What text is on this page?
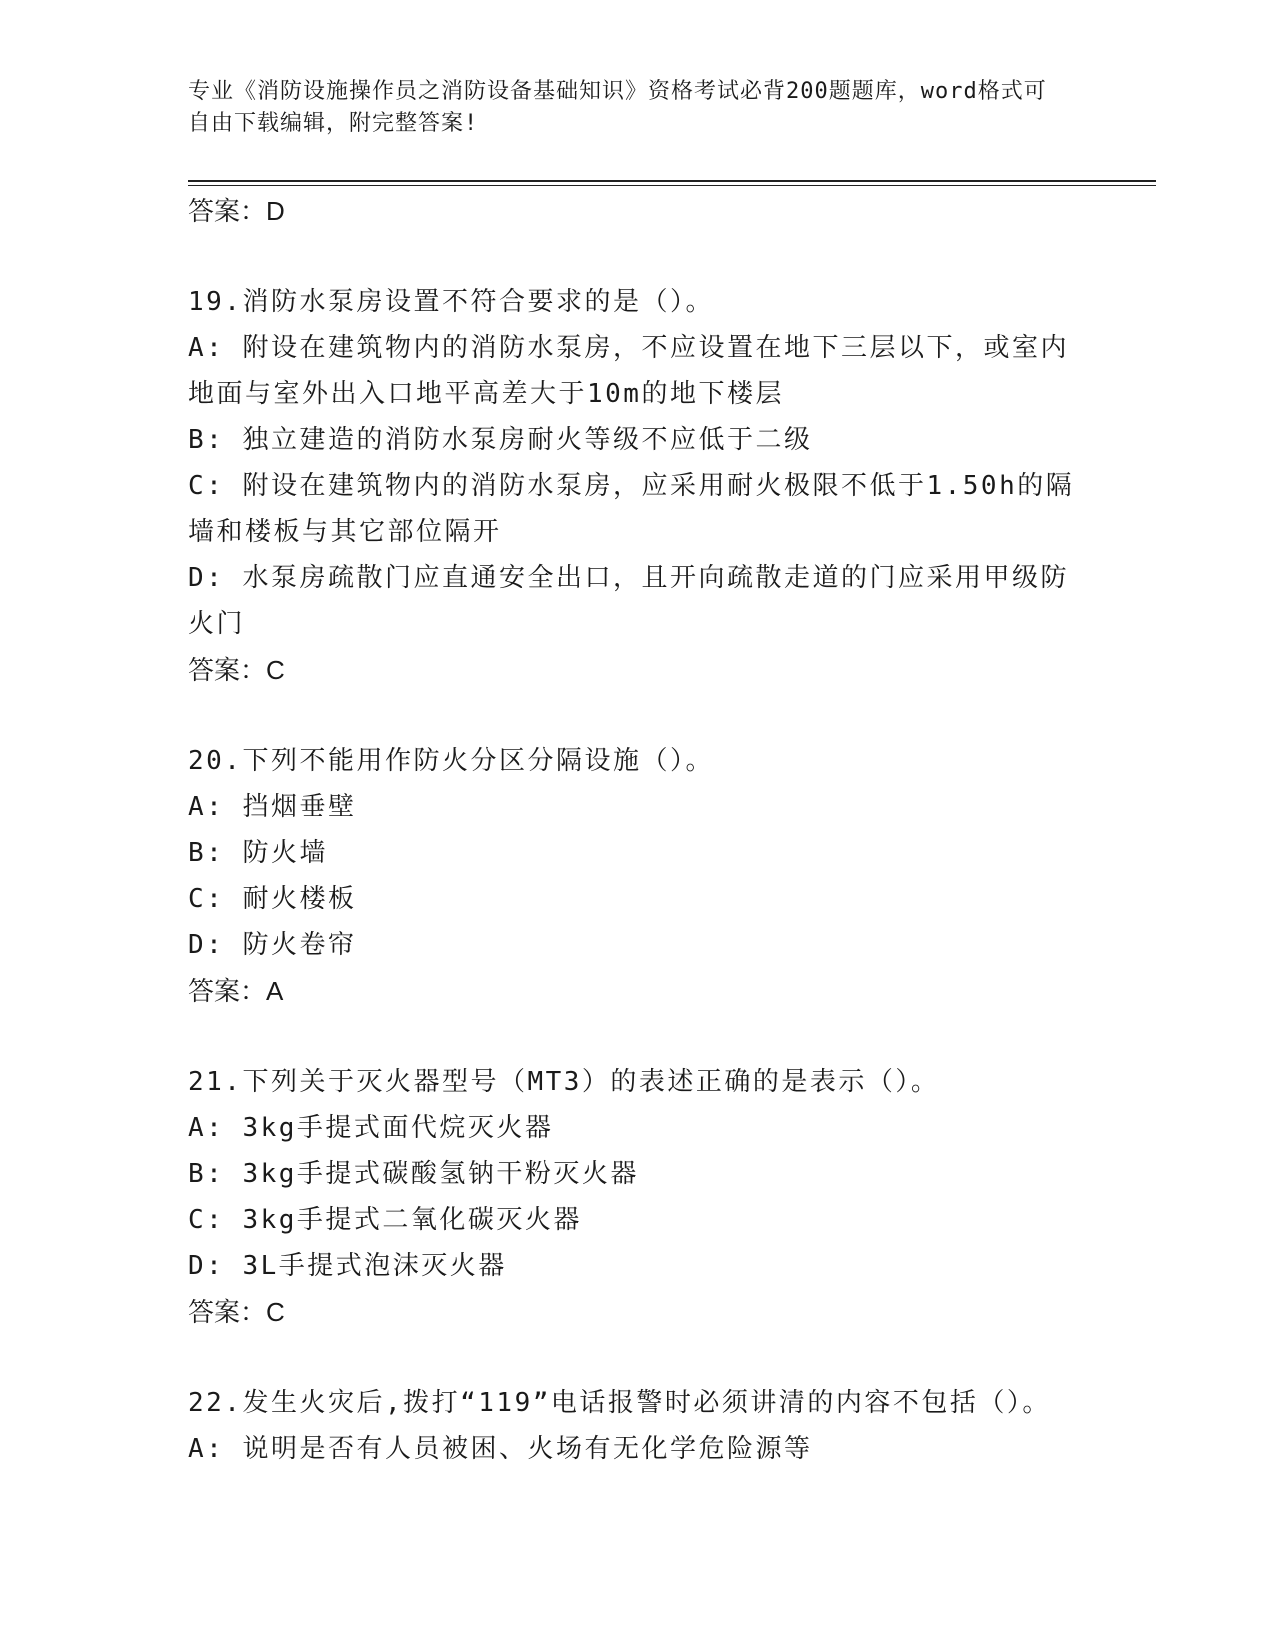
专业《消防设施操作员之消防设备基础知识》资格考试必背200题题库，word格式可自由下载编辑，附完整答案!

答案：D

19.消防水泵房设置不符合要求的是（）。

A: 附设在建筑物内的消防水泵房，不应设置在地下三层以下，或室内地面与室外出入口地平高差大于10m的地下楼层

B: 独立建造的消防水泵房耐火等级不应低于二级

C: 附设在建筑物内的消防水泵房，应采用耐火极限不低于1.50h的隔墙和楼板与其它部位隔开

D: 水泵房疏散门应直通安全出口，且开向疏散走道的门应采用甲级防火门

答案：C

20.下列不能用作防火分区分隔设施（）。

A: 挡烟垂壁

B: 防火墙

C: 耐火楼板

D: 防火卷帘

答案：A

21.下列关于灭火器型号（MT3）的表述正确的是表示（）。

A: 3kg手提式面代烷灭火器

B: 3kg手提式碳酸氢钠干粉灭火器

C: 3kg手提式二氧化碳灭火器

D: 3L手提式泡沫灭火器

答案：C

22.发生火灾后,拨打“119”电话报警时必须讲清的内容不包括（）。

A: 说明是否有人员被困、火场有无化学危险源等
